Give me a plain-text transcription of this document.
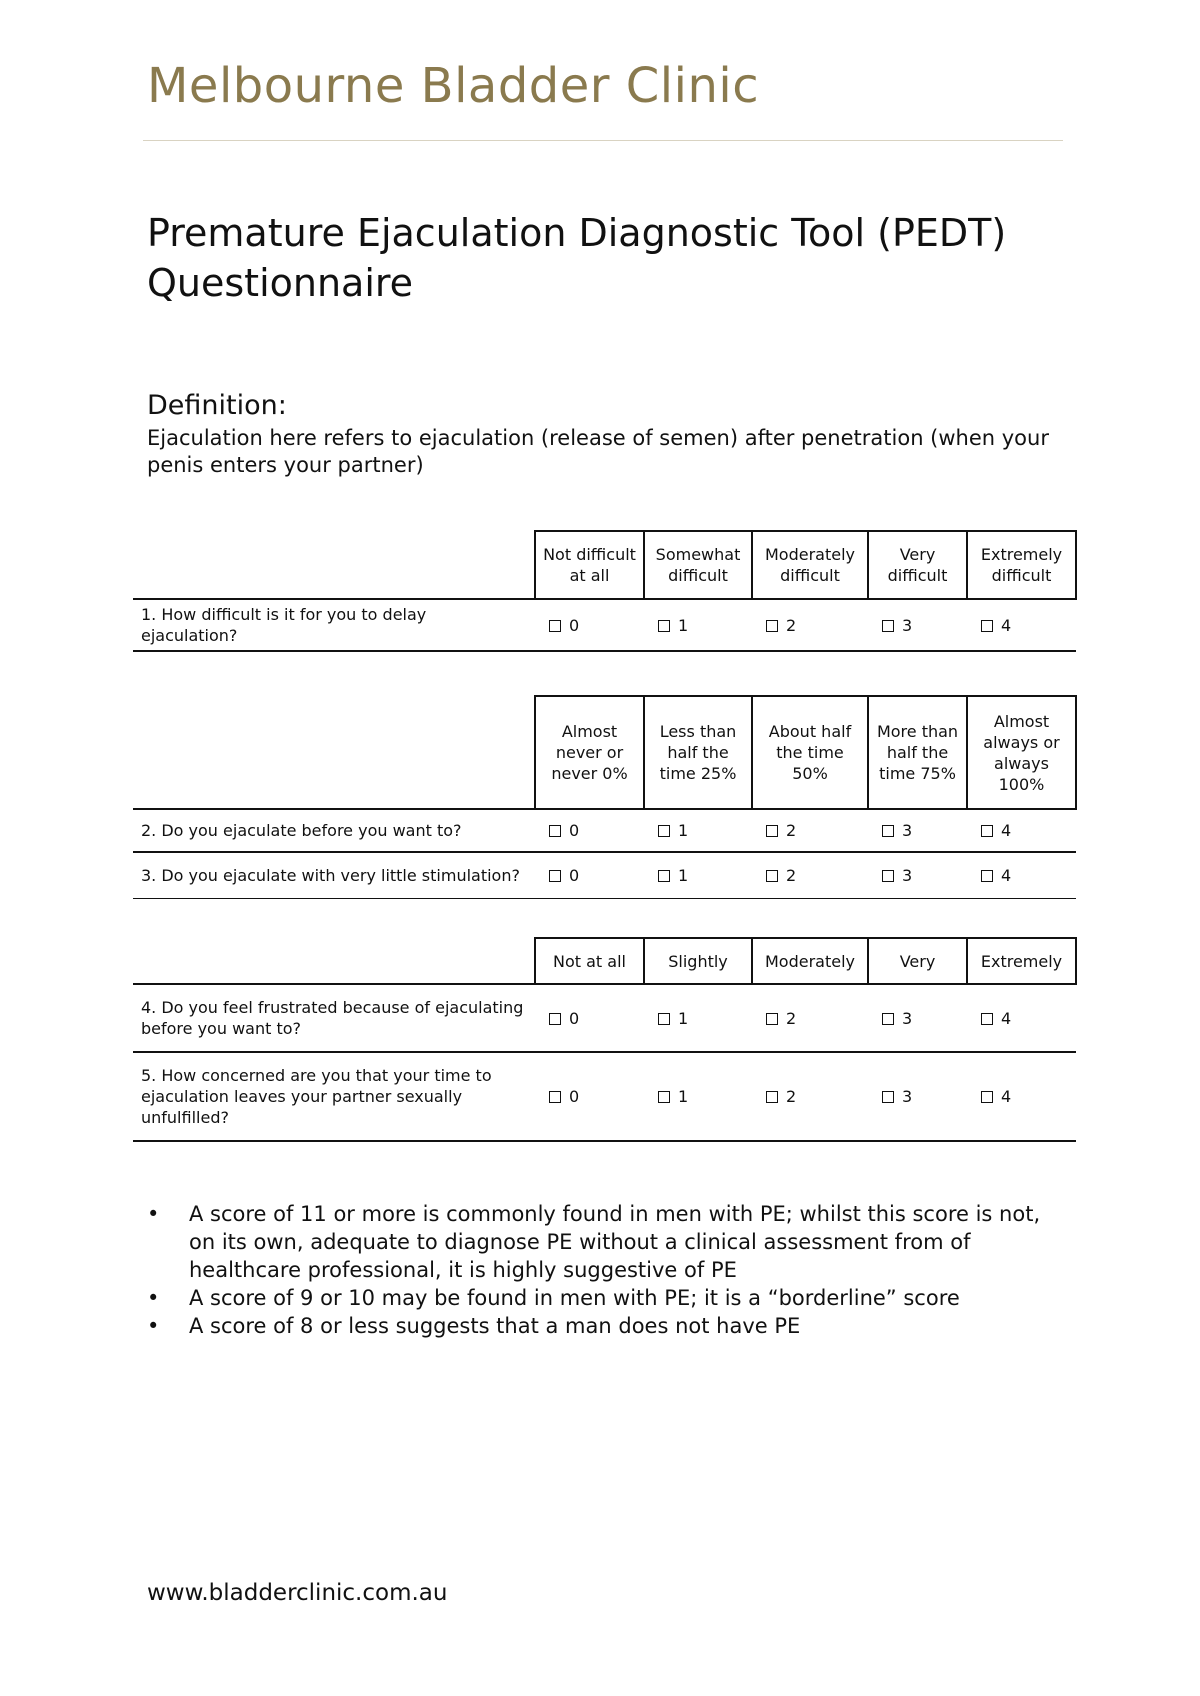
Melbourne Bladder Clinic
Premature Ejaculation Diagnostic Tool (PEDT)
Questionnaire
Definition:
Ejaculation here refers to ejaculation (release of semen) after penetration (when your penis enters your partner)
	Not difficult at all	Somewhat difficult	Moderately difficult	Very difficult	Extremely difficult
1. How difficult is it for you to delay ejaculation?	0	1	2	3	4
	Almost never or never 0%	Less than half the time 25%	About half the time 50%	More than half the time 75%	Almost always or always 100%
2. Do you ejaculate before you want to?	0	1	2	3	4
3. Do you ejaculate with very little stimulation?	0	1	2	3	4
	Not at all	Slightly	Moderately	Very	Extremely
4. Do you feel frustrated because of ejaculating before you want to?	0	1	2	3	4
5. How concerned are you that your time to ejaculation leaves your partner sexually unfulfilled?	0	1	2	3	4
• A score of 11 or more is commonly found in men with PE; whilst this score is not, on its own, adequate to diagnose PE without a clinical assessment from of healthcare professional, it is highly suggestive of PE
• A score of 9 or 10 may be found in men with PE; it is a “borderline” score
• A score of 8 or less suggests that a man does not have PE
www.bladderclinic.com.au
